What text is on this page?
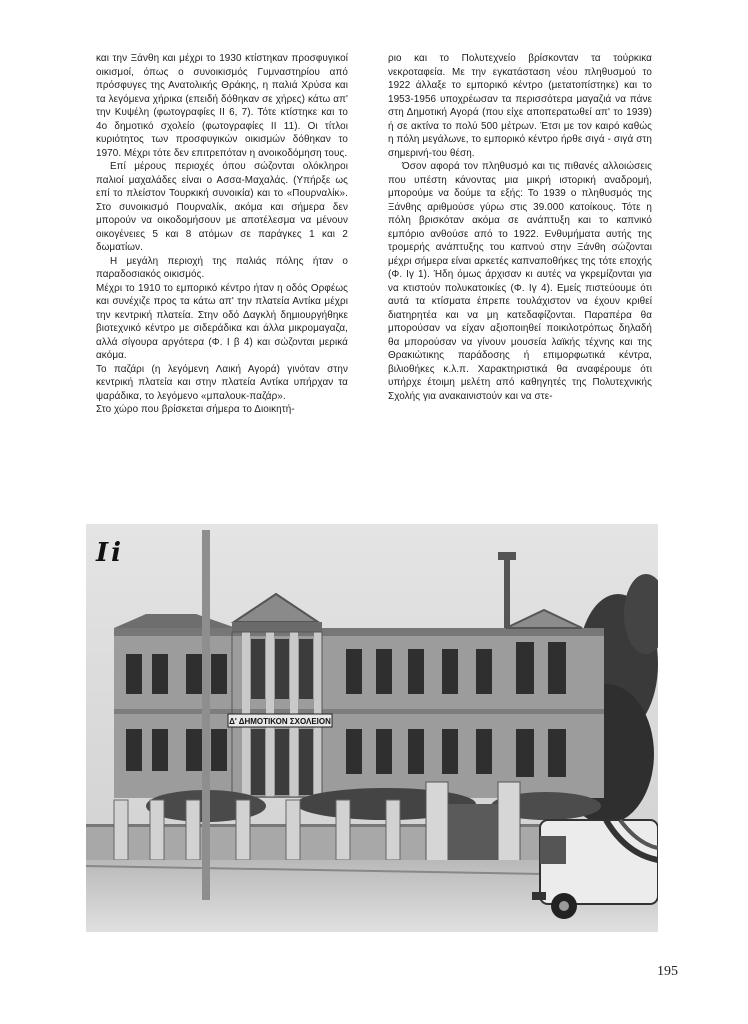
και την Ξάνθη και μέχρι το 1930 κτίστηκαν προσφυγικοί οικισμοί, όπως ο συνοικισμός Γυμναστηρίου από πρόσφυγες της Ανατολικής Θράκης, η παλιά Χρύσα και τα λεγόμενα χήρικα (επειδή δόθηκαν σε χήρες) κάτω απ' την Κυψέλη (φωτογραφίες ΙΙ 6, 7). Τότε κτίστηκε και το 4ο δημοτικό σχολείο (φωτογραφίες ΙΙ 11). Οι τίτλοι κυριότητος των προσφυγικών οικισμών δόθηκαν το 1970. Μέχρι τότε δεν επιτρεπόταν η ανοικοδόμηση τους.

Επί μέρους περιοχές όπου σώζονται ολόκληροι παλιοί μαχαλάδες είναι ο Ασσα-Μαχαλάς. (Υπήρξε ως επί το πλείστον Τουρκική συνοικία) και το «Πουρναλίκ». Στο συνοικισμό Πουρναλίκ, ακόμα και σήμερα δεν μπορούν να οικοδομήσουν με αποτέλεσμα να μένουν οικογένειες 5 και 8 ατόμων σε παράγκες 1 και 2 δωματίων.

Η μεγάλη περιοχή της παλιάς πόλης ήταν ο παραδοσιακός οικισμός.

Μέχρι το 1910 το εμπορικό κέντρο ήταν η οδός Ορφέως και συνέχιζε προς τα κάτω απ' την πλατεία Αντίκα μέχρι την κεντρική πλατεία. Στην οδό Δαγκλή δημιουργήθηκε βιοτεχνικό κέντρο με σιδεράδικα και άλλα μικρομαγαζα, αλλά σίγουρα αργότερα (Φ. Ι β 4) και σώζονται μερικά ακόμα.

Το παζάρι (η λεγόμενη Λαική Αγορά) γινόταν στην κεντρική πλατεία και στην πλατεία Αντίκα υπήρχαν τα ψαράδικα, το λεγόμενο «μπαλουκ-παζάρ».

Στο χώρο που βρίσκεται σήμερα το Διοικητή-

ριο και το Πολυτεχνείο βρίσκονταν τα τούρκικα νεκροταφεία. Με την εγκατάσταση νέου πληθυσμού το 1922 άλλαξε το εμπορικό κέντρο (μετατοπίστηκε) και το 1953-1956 υποχρέωσαν τα περισσότερα μαγαζιά να πάνε στη Δημοτική Αγορά (που είχε αποπερατωθεί απ' το 1939) ή σε ακτίνα το πολύ 500 μέτρων. Έτσι με τον καιρό καθώς η πόλη μεγάλωνε, το εμπορικό κέντρο ήρθε σιγά - σιγά στη σημερινή-του θέση.

Όσον αφορά τον πληθυσμό και τις πιθανές αλλοιώσεις που υπέστη κάνοντας μια μικρή ιστορική αναδρομή, μπορούμε να δούμε τα εξής: Το 1939 ο πληθυσμός της Ξάνθης αριθμούσε γύρω στις 39.000 κατοίκους. Τότε η πόλη βρισκόταν ακόμα σε ανάπτυξη και το καπνικό εμπόριο ανθούσε από το 1922. Ενθυμήματα αυτής της τρομερής ανάπτυξης του καπνού στην Ξάνθη σώζονται μέχρι σήμερα είναι αρκετές καπναποθήκες της τότε εποχής (Φ. Ιγ 1). Ήδη όμως άρχισαν κι αυτές να γκρεμίζονται για να κτιστούν πολυκατοικίες (Φ. Ιγ 4). Εμείς πιστεύουμε ότι αυτά τα κτίσματα έπρεπε τουλάχιστον να έχουν κριθεί διατηρητέα και να μη κατεδαφίζονται. Παραπέρα θα μπορούσαν να είχαν αξιοποιηθεί ποικιλοτρόπως δηλαδή θα μπορούσαν να γίνουν μουσεία λαϊκής τέχνης και της Θρακιώτικης παράδοσης ή επιμορφωτικά κέντρα, βιλιοθήκες κ.λ.π. Χαρακτηριστικά θα αναφέρουμε ότι υπήρχε έτοιμη μελέτη από καθηγητές της Πολυτεχνικής Σχολής για ανακαινιστούν και να στε-

Δ' ΔΗΜΟΤΙΚΟΝ ΣΧΟΛΕΙΟΝ
Ii
195
